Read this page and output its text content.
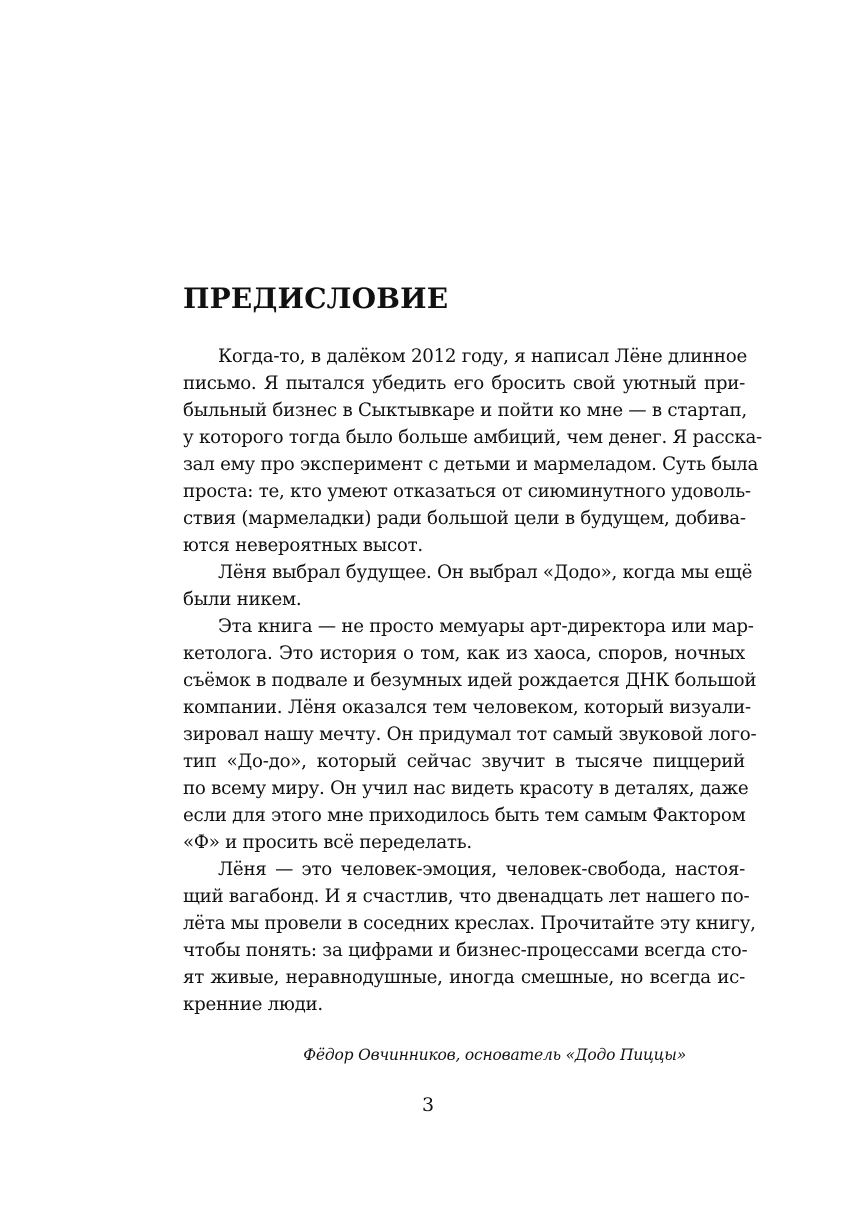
ПРЕДИСЛОВИЕ

Когда-то, в далёком 2012 году, я написал Лёне длинное
письмо. Я пытался убедить его бросить свой уютный при-
быльный бизнес в Сыктывкаре и пойти ко мне — в стартап,
у которого тогда было больше амбиций, чем денег. Я расска-
зал ему про эксперимент с детьми и мармеладом. Суть была
проста: те, кто умеют отказаться от сиюминутного удоволь-
ствия (мармеладки) ради большой цели в будущем, добива-
ются невероятных высот.

Лёня выбрал будущее. Он выбрал «Додо», когда мы ещё
были никем.

Эта книга — не просто мемуары арт-директора или мар-
кетолога. Это история о том, как из хаоса, споров, ночных
съёмок в подвале и безумных идей рождается ДНК большой
компании. Лёня оказался тем человеком, который визуали-
зировал нашу мечту. Он придумал тот самый звуковой лого-
тип «До-до», который сейчас звучит в тысяче пиццерий
по всему миру. Он учил нас видеть красоту в деталях, даже
если для этого мне приходилось быть тем самым Фактором
«Ф» и просить всё переделать.

Лёня — это человек-эмоция, человек-свобода, настоя-
щий вагабонд. И я счастлив, что двенадцать лет нашего по-
лёта мы провели в соседних креслах. Прочитайте эту книгу,
чтобы понять: за цифрами и бизнес-процессами всегда сто-
ят живые, неравнодушные, иногда смешные, но всегда ис-
кренние люди.

Фёдор Овчинников, основатель «Додо Пиццы»
3
